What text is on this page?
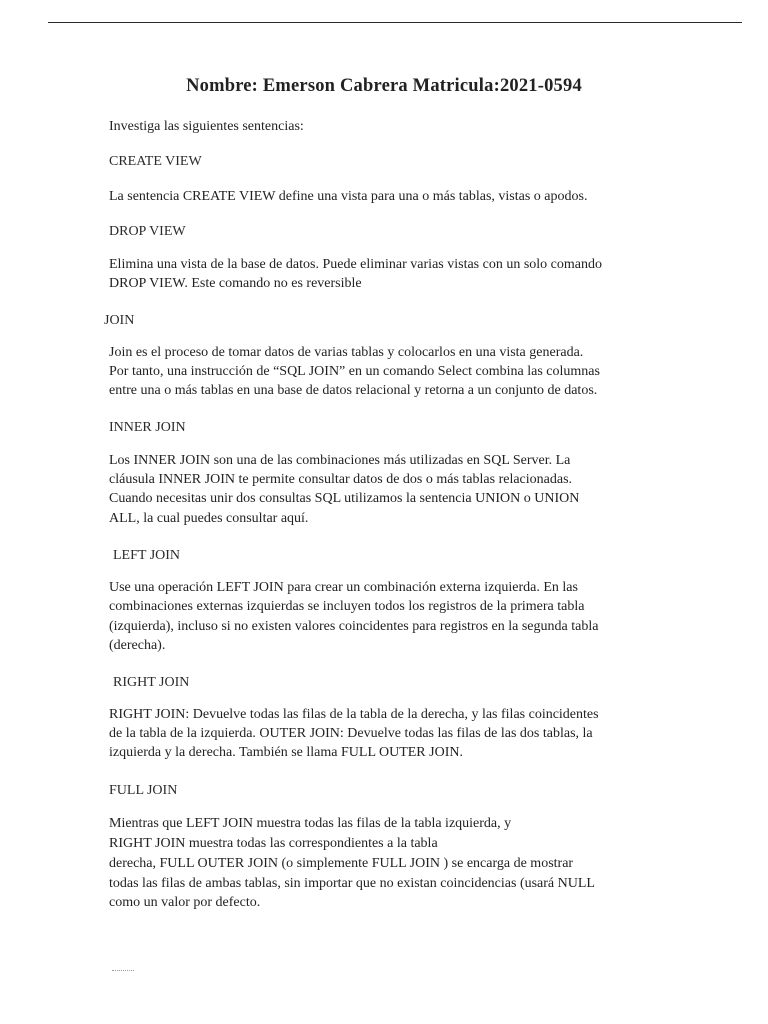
Nombre: Emerson Cabrera Matricula:2021-0594

Investiga las siguientes sentencias:

CREATE VIEW

La sentencia CREATE VIEW define una vista para una o más tablas, vistas o apodos.

DROP VIEW

Elimina una vista de la base de datos. Puede eliminar varias vistas con un solo comando

DROP VIEW. Este comando no es reversible

JOIN

Join es el proceso de tomar datos de varias tablas y colocarlos en una vista generada.

Por tanto, una instrucción de “SQL JOIN” en un comando Select combina las columnas

entre una o más tablas en una base de datos relacional y retorna a un conjunto de datos.

INNER JOIN

Los INNER JOIN son una de las combinaciones más utilizadas en SQL Server. La

cláusula INNER JOIN te permite consultar datos de dos o más tablas relacionadas.

Cuando necesitas unir dos consultas SQL utilizamos la sentencia UNION o UNION

ALL, la cual puedes consultar aquí.

LEFT JOIN

Use una operación LEFT JOIN para crear un combinación externa izquierda. En las

combinaciones externas izquierdas se incluyen todos los registros de la primera tabla

(izquierda), incluso si no existen valores coincidentes para registros en la segunda tabla

(derecha).

RIGHT JOIN

RIGHT JOIN: Devuelve todas las filas de la tabla de la derecha, y las filas coincidentes

de la tabla de la izquierda. OUTER JOIN: Devuelve todas las filas de las dos tablas, la

izquierda y la derecha. También se llama FULL OUTER JOIN.

FULL JOIN

Mientras que LEFT JOIN muestra todas las filas de la tabla izquierda, y

RIGHT JOIN muestra todas las correspondientes a la tabla

derecha, FULL OUTER JOIN (o simplemente FULL JOIN ) se encarga de mostrar

todas las filas de ambas tablas, sin importar que no existan coincidencias (usará NULL

como un valor por defecto.
